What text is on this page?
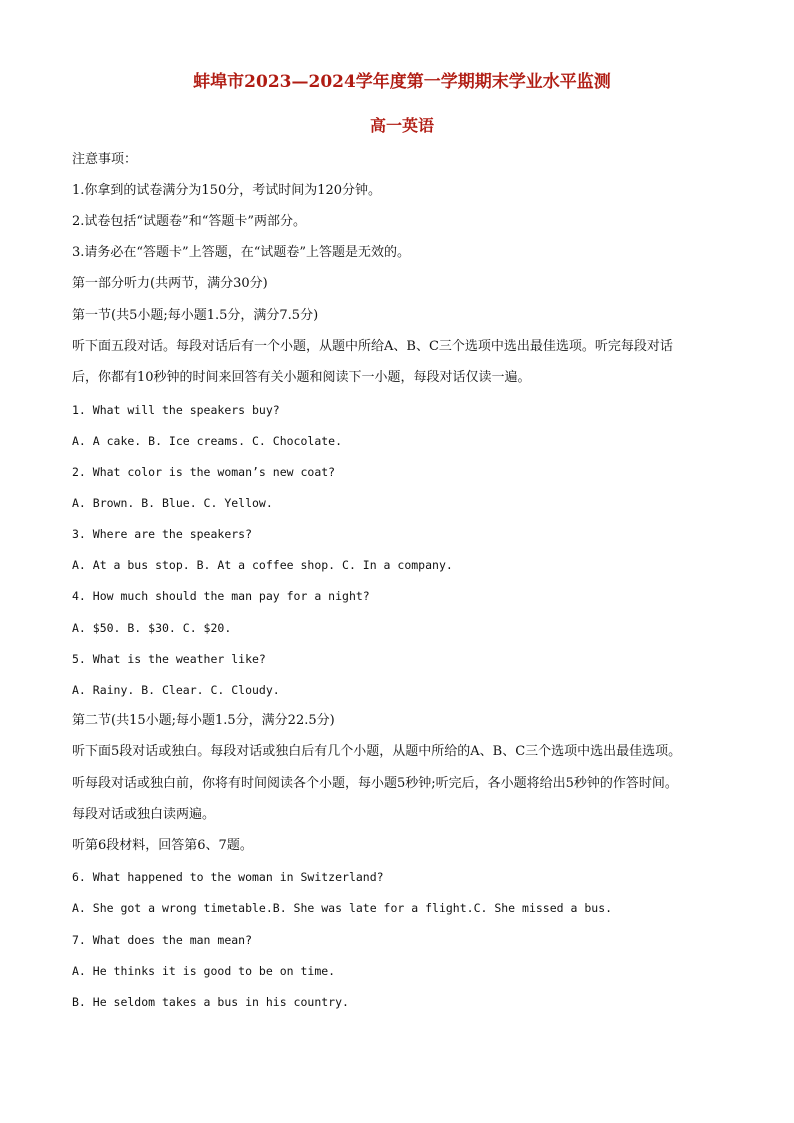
蚌埠市2023—2024学年度第一学期期末学业水平监测
高一英语
注意事项：
1.你拿到的试卷满分为150分，考试时间为120分钟。
2.试卷包括“试题卷”和“答题卡”两部分。
3.请务必在“答题卡”上答题，在“试题卷”上答题是无效的。
第一部分听力(共两节，满分30分)
第一节(共5小题;每小题1.5分，满分7.5分)
听下面五段对话。每段对话后有一个小题，从题中所给A、B、C三个选项中选出最佳选项。听完每段对话
后，你都有10秒钟的时间来回答有关小题和阅读下一小题，每段对话仅读一遍。
1. What will the speakers buy?
A. A cake. B. Ice creams. C. Chocolate.
2. What color is the woman’s new coat?
A. Brown. B. Blue. C. Yellow.
3. Where are the speakers?
A. At a bus stop. B. At a coffee shop. C. In a company.
4. How much should the man pay for a night?
A. $50. B. $30. C. $20.
5. What is the weather like?
A. Rainy. B. Clear. C. Cloudy.
第二节(共15小题;每小题1.5分，满分22.5分)
听下面5段对话或独白。每段对话或独白后有几个小题，从题中所给的A、B、C三个选项中选出最佳选项。
听每段对话或独白前，你将有时间阅读各个小题，每小题5秒钟;听完后，各小题将给出5秒钟的作答时间。
每段对话或独白读两遍。
听第6段材料，回答第6、7题。
6. What happened to the woman in Switzerland?
A. She got a wrong timetable.B. She was late for a flight.C. She missed a bus.
7. What does the man mean?
A. He thinks it is good to be on time.
B. He seldom takes a bus in his country.
